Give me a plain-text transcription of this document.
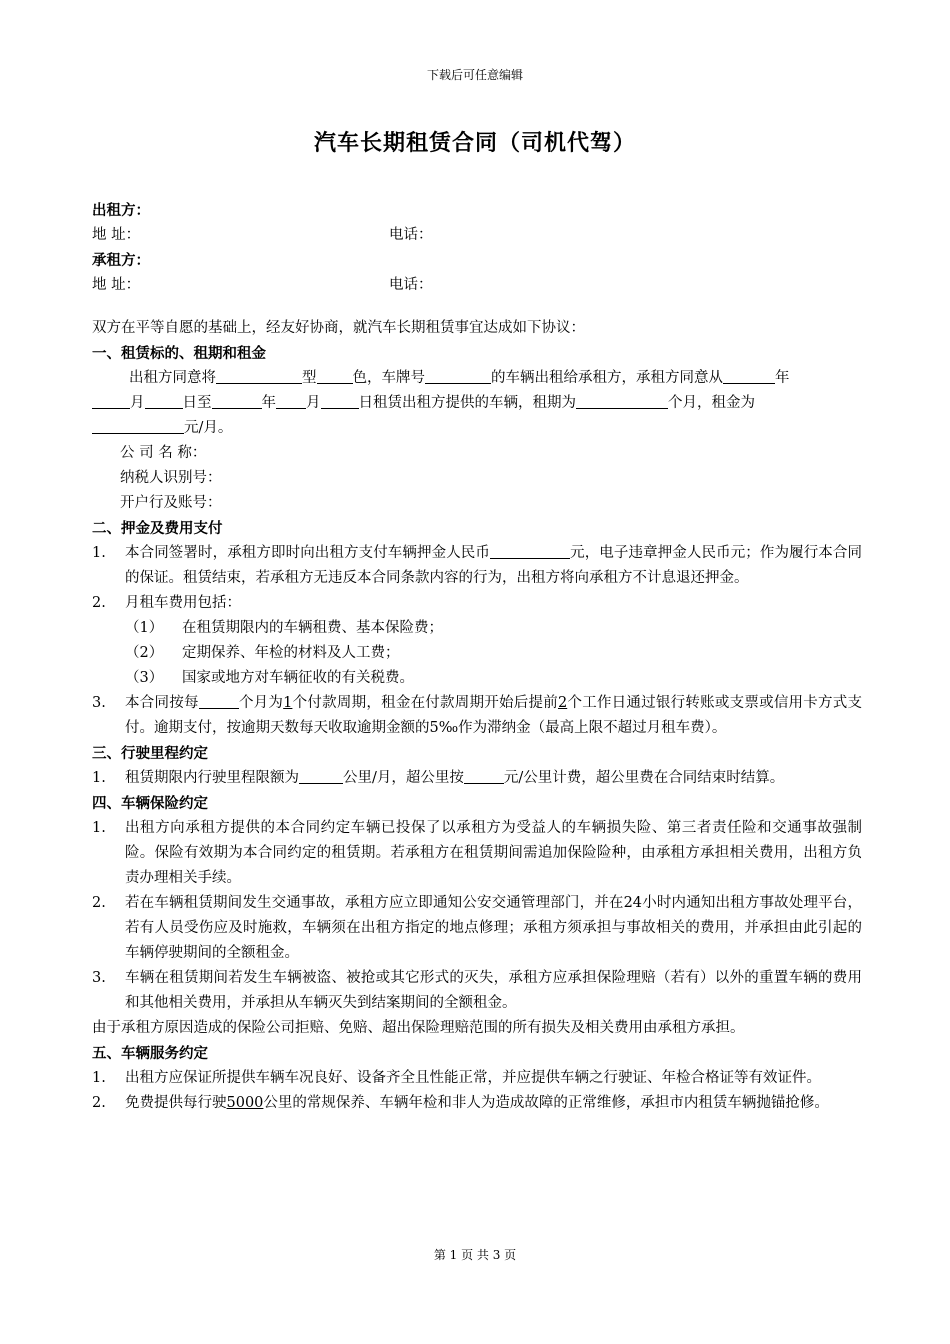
下载后可任意编辑
汽车长期租赁合同（司机代驾）
出租方：
地 址：	电话：
承租方：
地 址：	电话：
双方在平等自愿的基础上，经友好协商，就汽车长期租赁事宜达成如下协议：
一、租赁标的、租期和租金
出租方同意将	型 色，车牌号	的车辆出租给承租方，承租方同意从	年
月	日至	年 月	日租赁出租方提供的车辆，租期为	个月，租金为
元/月。
公 司 名 称：
纳税人识别号：
开户行及账号：
二、押金及费用支付
1.	本合同签署时，承租方即时向出租方支付车辆押金人民币	元，电子违章押金人民币元；作为履行本合同的保证。租赁结束，若承租方无违反本合同条款内容的行为，出租方将向承租方不计息退还押金。
2.	月租车费用包括：
（1）	在租赁期限内的车辆租费、基本保险费；
（2）	定期保养、年检的材料及人工费；
（3）	国家或地方对车辆征收的有关税费。
3.	本合同按每	个月为1个付款周期，租金在付款周期开始后提前2个工作日通过银行转账或支票或信用卡方式支付。逾期支付，按逾期天数每天收取逾期金额的5‰作为滞纳金（最高上限不超过月租车费）。
三、行驶里程约定
1.	租赁期限内行驶里程限额为	公里/月，超公里按	元/公里计费，超公里费在合同结束时结算。
四、车辆保险约定
1.	出租方向承租方提供的本合同约定车辆已投保了以承租方为受益人的车辆损失险、第三者责任险和交通事故强制险。保险有效期为本合同约定的租赁期。若承租方在租赁期间需追加保险险种，由承租方承担相关费用，出租方负责办理相关手续。
2.	若在车辆租赁期间发生交通事故，承租方应立即通知公安交通管理部门，并在24小时内通知出租方事故处理平台，若有人员受伤应及时施救，车辆须在出租方指定的地点修理；承租方须承担与事故相关的费用，并承担由此引起的车辆停驶期间的全额租金。
3.	车辆在租赁期间若发生车辆被盗、被抢或其它形式的灭失，承租方应承担保险理赔（若有）以外的重置车辆的费用和其他相关费用，并承担从车辆灭失到结案期间的全额租金。
由于承租方原因造成的保险公司拒赔、免赔、超出保险理赔范围的所有损失及相关费用由承租方承担。
五、车辆服务约定
1.	出租方应保证所提供车辆车况良好、设备齐全且性能正常，并应提供车辆之行驶证、年检合格证等有效证件。
2.	免费提供每行驶5000公里的常规保养、车辆年检和非人为造成故障的正常维修，承担市内租赁车辆抛锚抢修。
第 1 页 共 3 页
